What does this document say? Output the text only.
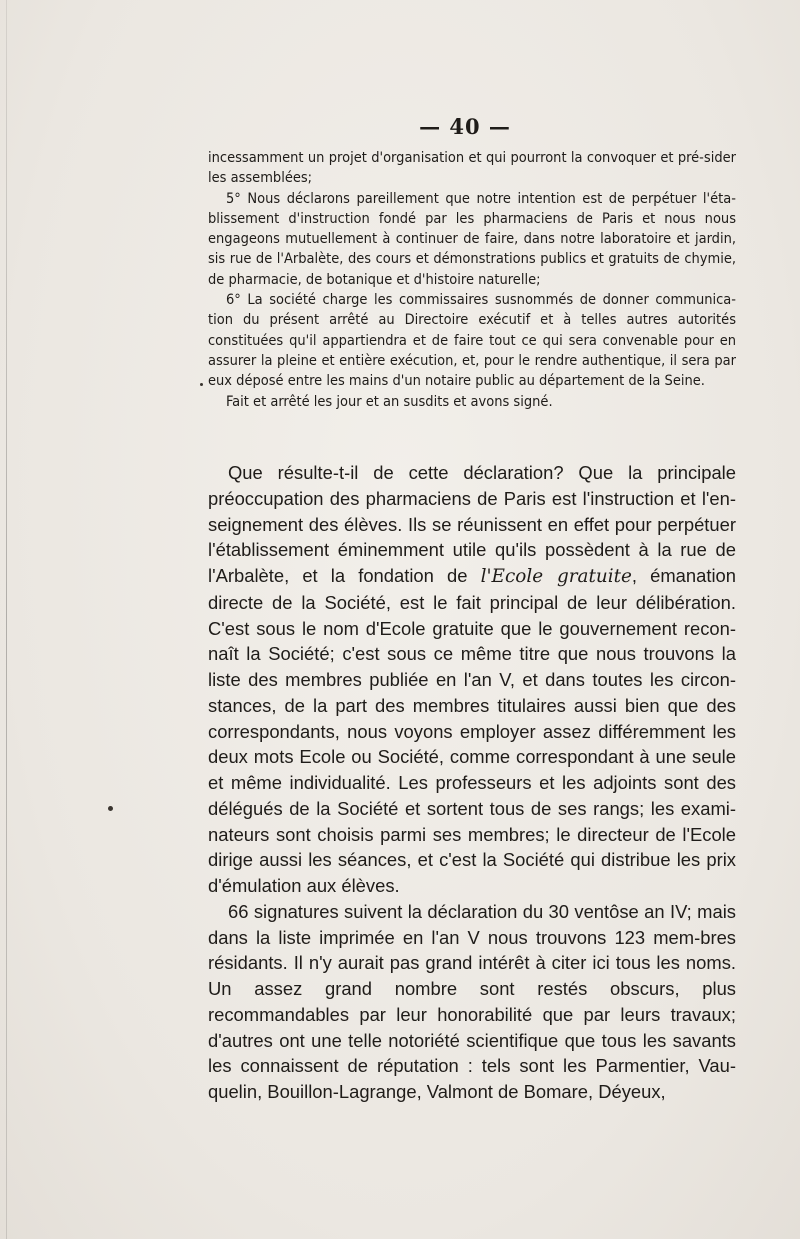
— 40 —

incessamment un projet d'organisation et qui pourront la convoquer et pré-sider les assemblées;

5° Nous déclarons pareillement que notre intention est de perpétuer l'éta-blissement d'instruction fondé par les pharmaciens de Paris et nous nous engageons mutuellement à continuer de faire, dans notre laboratoire et jardin, sis rue de l'Arbalète, des cours et démonstrations publics et gratuits de chymie, de pharmacie, de botanique et d'histoire naturelle;

6° La société charge les commissaires susnommés de donner communica-tion du présent arrêté au Directoire exécutif et à telles autres autorités constituées qu'il appartiendra et de faire tout ce qui sera convenable pour en assurer la pleine et entière exécution, et, pour le rendre authentique, il sera par eux déposé entre les mains d'un notaire public au département de la Seine.

Fait et arrêté les jour et an susdits et avons signé.

Que résulte-t-il de cette déclaration? Que la principale préoccupation des pharmaciens de Paris est l'instruction et l'en-seignement des élèves. Ils se réunissent en effet pour perpétuer l'établissement éminemment utile qu'ils possèdent à la rue de l'Arbalète, et la fondation de l'Ecole gratuite, émanation directe de la Société, est le fait principal de leur délibération. C'est sous le nom d'Ecole gratuite que le gouvernement recon-naît la Société; c'est sous ce même titre que nous trouvons la liste des membres publiée en l'an V, et dans toutes les circon-stances, de la part des membres titulaires aussi bien que des correspondants, nous voyons employer assez différemment les deux mots Ecole ou Société, comme correspondant à une seule et même individualité. Les professeurs et les adjoints sont des délégués de la Société et sortent tous de ses rangs; les exami-nateurs sont choisis parmi ses membres; le directeur de l'Ecole dirige aussi les séances, et c'est la Société qui distribue les prix d'émulation aux élèves.

66 signatures suivent la déclaration du 30 ventôse an IV; mais dans la liste imprimée en l'an V nous trouvons 123 mem-bres résidants. Il n'y aurait pas grand intérêt à citer ici tous les noms. Un assez grand nombre sont restés obscurs, plus recommandables par leur honorabilité que par leurs travaux; d'autres ont une telle notoriété scientifique que tous les savants les connaissent de réputation : tels sont les Parmentier, Vau-quelin, Bouillon-Lagrange, Valmont de Bomare, Déyeux,
